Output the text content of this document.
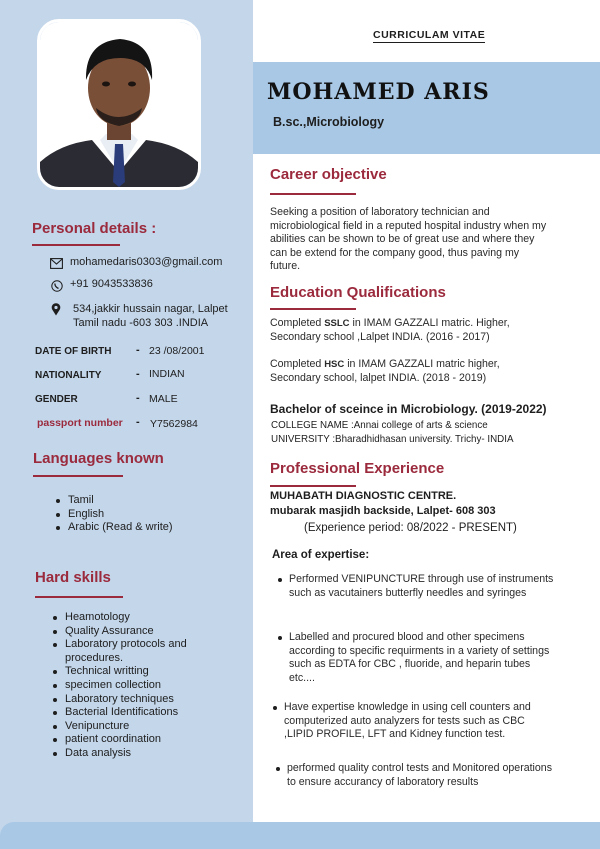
CURRICULAM VITAE
MOHAMED ARIS
B.sc.,Microbiology
Personal details :
mohamedaris0303@gmail.com
+91 9043533836
534,jakkir hussain nagar, Lalpet
Tamil nadu -603 303 .INDIA
DATE OF BIRTH - 23 /08/2001
NATIONALITY	- INDIAN
GENDER	- MALE
passport number - Y7562984
Languages known
Tamil
English
Arabic (Read & write)
Hard skills
Heamotology
Quality Assurance
Laboratory protocols and procedures.
Technical writting
specimen collection
Laboratory techniques
Bacterial Identifications
Venipuncture
patient coordination
Data analysis
Career objective
Seeking a position of laboratory technician and microbiological field in a reputed hospital industry when my abilities can be shown to be of great use and where they can be extend for the company good, thus paving my future.
Education Qualifications
Completed SSLC in IMAM GAZZALI matric. Higher, Secondary school ,Lalpet INDIA. (2016 - 2017)
Completed HSC in IMAM GAZZALI matric higher, Secondary school, lalpet INDIA. (2018 - 2019)
Bachelor of sceince in Microbiology. (2019-2022)
COLLEGE NAME :Annai college of arts & science
UNIVERSITY :Bharadhidhasan university. Trichy- INDIA
Professional Experience
MUHABATH DIAGNOSTIC CENTRE.
mubarak masjidh backside, Lalpet- 608 303
(Experience period: 08/2022 - PRESENT)
Area of expertise:
Performed VENIPUNCTURE through use of instruments such as vacutainers butterfly needles and syringes
Labelled and procured blood and other specimens according to specific requirments in a variety of settings such as EDTA for CBC , fluoride, and heparin tubes etc....
Have expertise knowledge in using cell counters and computerized auto analyzers for tests such as CBC ,LIPID PROFILE, LFT and Kidney function test.
performed quality control tests and Monitored operations to ensure accurancy of laboratory results
